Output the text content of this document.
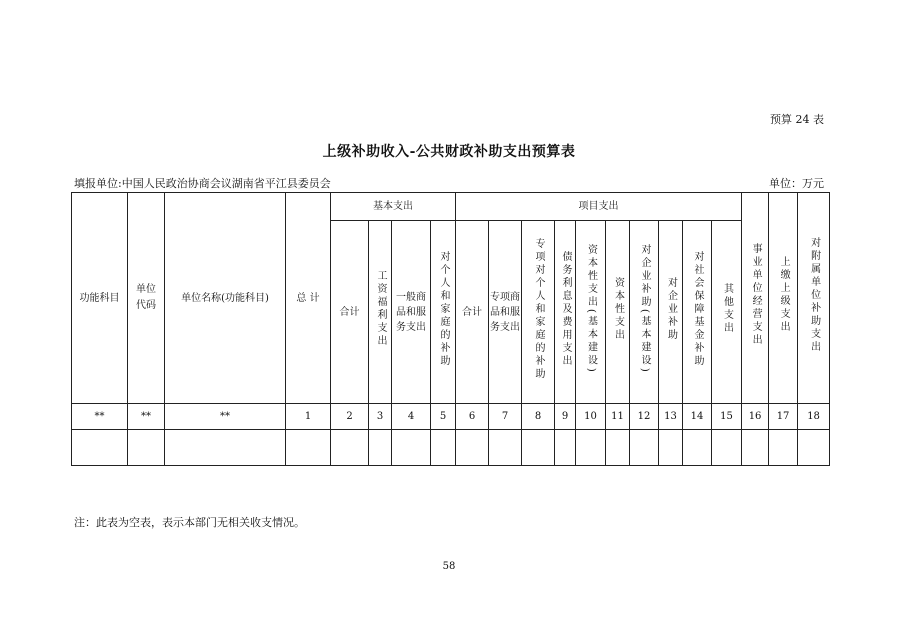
预算 24 表
上级补助收入-公共财政补助支出预算表
填报单位:中国人民政治协商会议湖南省平江县委员会	单位：万元
功能科目	单位代码	单位名称(功能科目)	总 计	基本支出				项目支出										事业单位经营支出	上缴上级支出	对附属单位补助支出
				合计	工资福利支出	一般商品和服务支出	对个人和家庭的补助	合计	专项商品和服务支出	专项对个人和家庭的补助	债务利息及费用支出	资本性支出(基本建设)	资本性支出	对企业补助(基本建设)	对企业补助	对社会保障基金补助	其他支出			
**	**	**	1	2	3	4	5	6	7	8	9	10	11	12	13	14	15	16	17	18

注：此表为空表，表示本部门无相关收支情况。
58
